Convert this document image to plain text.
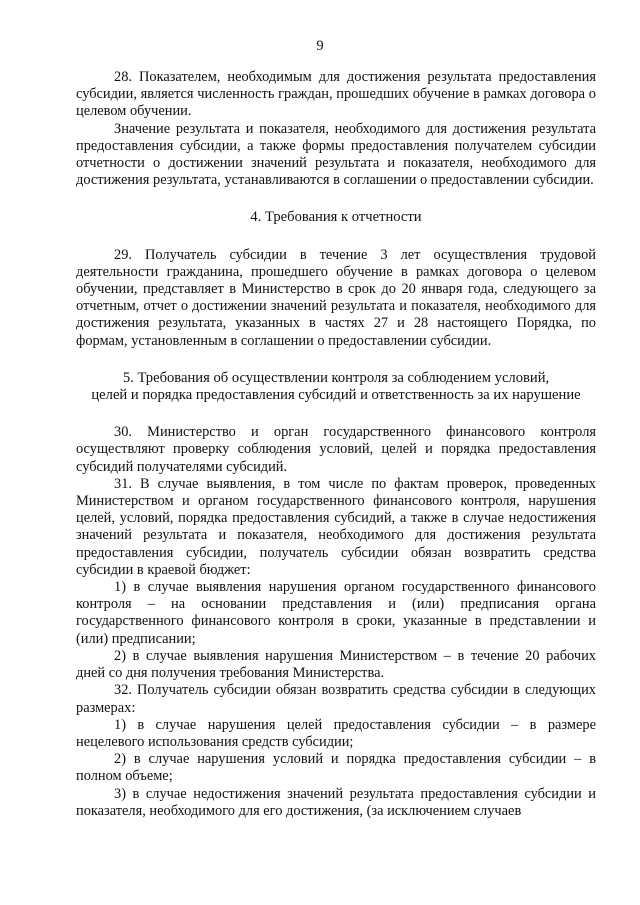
9

28. Показателем, необходимым для достижения результата предоставления субсидии, является численность граждан, прошедших обучение в рамках договора о целевом обучении.

Значение результата и показателя, необходимого для достижения результата предоставления субсидии, а также формы предоставления получателем субсидии отчетности о достижении значений результата и показателя, необходимого для достижения результата, устанавливаются в соглашении о предоставлении субсидии.

4. Требования к отчетности

29. Получатель субсидии в течение 3 лет осуществления трудовой деятельности гражданина, прошедшего обучение в рамках договора о целевом обучении, представляет в Министерство в срок до 20 января года, следующего за отчетным, отчет о достижении значений результата и показателя, необходимого для достижения результата, указанных в частях 27 и 28 настоящего Порядка, по формам, установленным в соглашении о предоставлении субсидии.

5. Требования об осуществлении контроля за соблюдением условий,
целей и порядка предоставления субсидий и ответственность за их нарушение

30. Министерство и орган государственного финансового контроля осуществляют проверку соблюдения условий, целей и порядка предоставления субсидий получателями субсидий.

31. В случае выявления, в том числе по фактам проверок, проведенных Министерством и органом государственного финансового контроля, нарушения целей, условий, порядка предоставления субсидий, а также в случае недостижения значений результата и показателя, необходимого для достижения результата предоставления субсидии, получатель субсидии обязан возвратить средства субсидии в краевой бюджет:

1) в случае выявления нарушения органом государственного финансового контроля – на основании представления и (или) предписания органа государственного финансового контроля в сроки, указанные в представлении и (или) предписании;

2) в случае выявления нарушения Министерством – в течение 20 рабочих дней со дня получения требования Министерства.

32. Получатель субсидии обязан возвратить средства субсидии в следующих размерах:

1) в случае нарушения целей предоставления субсидии – в размере нецелевого использования средств субсидии;

2) в случае нарушения условий и порядка предоставления субсидии – в полном объеме;

3) в случае недостижения значений результата предоставления субсидии и показателя, необходимого для его достижения, (за исключением случаев
